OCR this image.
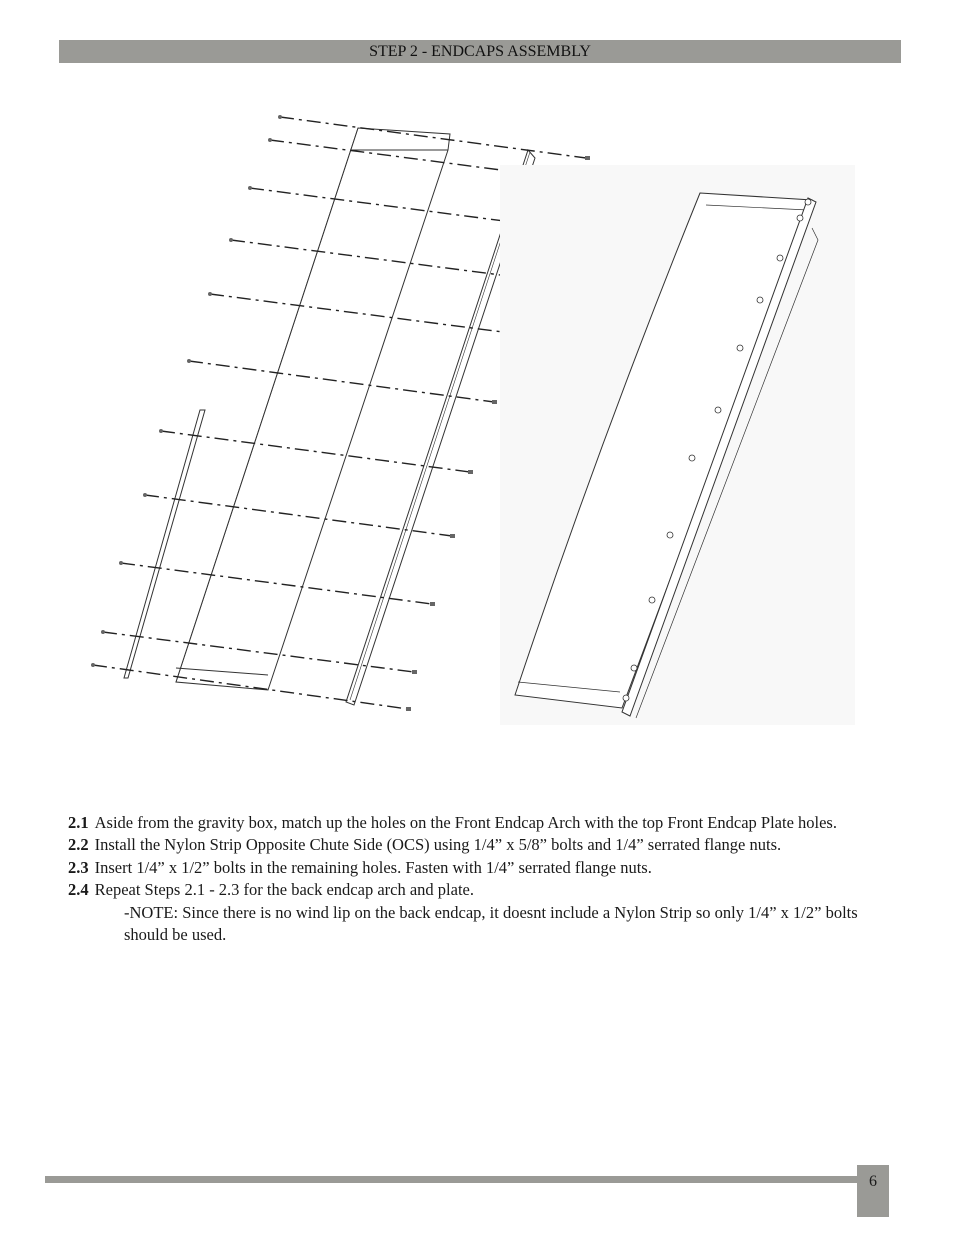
STEP 2 - ENDCAPS ASSEMBLY

2.1 Aside from the gravity box, match up the holes on the Front Endcap Arch with the top Front Endcap Plate holes.

2.2 Install the Nylon Strip Opposite Chute Side (OCS) using 1/4” x 5/8” bolts and 1/4” serrated flange nuts.

2.3 Insert 1/4” x 1/2” bolts in the remaining holes. Fasten with 1/4” serrated flange nuts.

2.4 Repeat Steps 2.1 - 2.3 for the back endcap arch and plate.

-NOTE: Since there is no wind lip on the back endcap, it doesnt include a Nylon Strip so only 1/4” x 1/2” bolts should be used.

6
